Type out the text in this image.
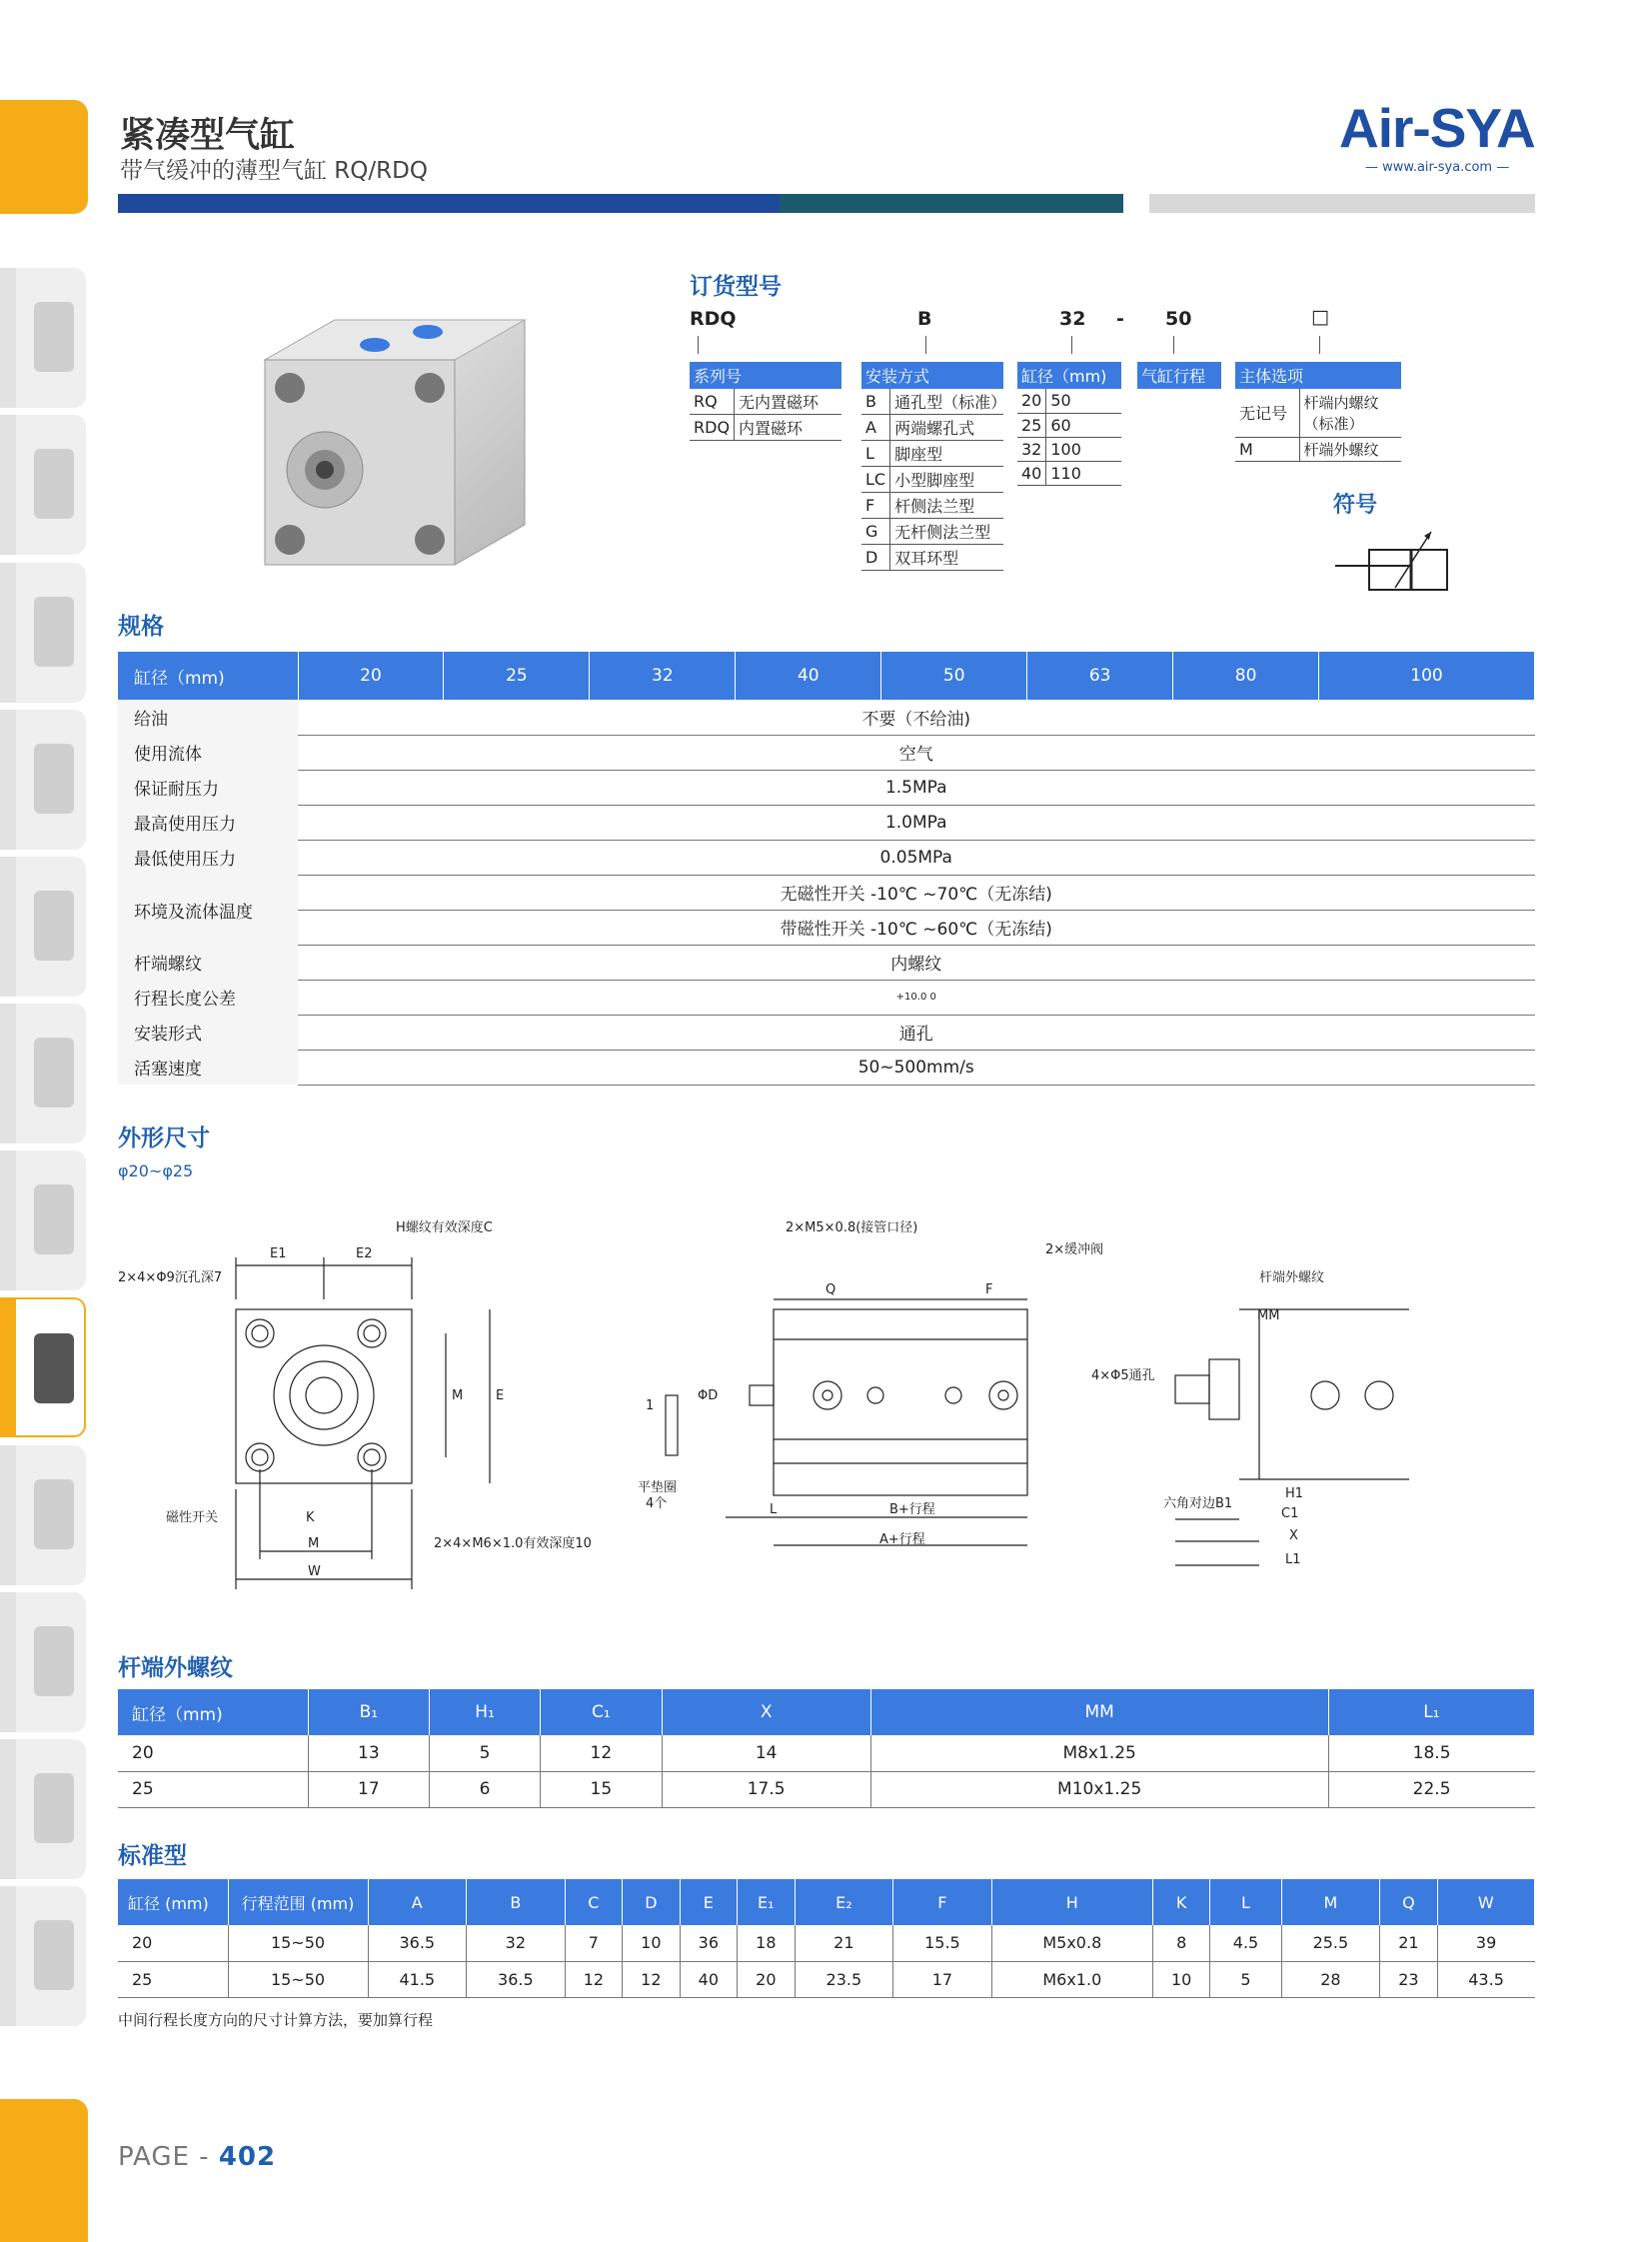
紧凑型气缸
带气缓冲的薄型气缸 RQ/RDQ
Air-SYA
— www.air-sya.com —
订货型号
RDQ	B	32 - 50	□
系列号	
RQ	无内置磁环
RDQ	内置磁环
安装方式	
B	通孔型（标准）
A	两端螺孔式
L	脚座型
LC	小型脚座型
F	杆侧法兰型
G	无杆侧法兰型
D	双耳环型
缸径（mm)	
20	50
25	60
32	100
40	110
气缸行程 主体选项	
无记号	杆端内螺纹（标准）
M	杆端外螺纹
符号
规格
缸径（mm)	20	25	32	40	50	63	80	100
给油	不要（不给油)							
使用流体	空气							
保证耐压力	1.5MPa							
最高使用压力	1.0MPa							
最低使用压力	0.05MPa							
环境及流体温度	无磁性开关 -10℃ ~70℃（无冻结)							
	带磁性开关 -10℃ ~60℃（无冻结)							
杆端螺纹	内螺纹							
行程长度公差	+10.0 0							
安装形式	通孔							
活塞速度	50~500mm/s							
外形尺寸
φ20~φ25
E1	E2
H螺纹有效深度C
2×4×Φ9沉孔深7
磁性开关	K
M
W
2×4×M6×1.0有效深度10
M	E
2×M5×0.8(接管口径)
Q	F
2×缓冲阀
4×Φ5通孔
ΦD
1
平垫圈
4个	L	B+行程
A+行程
杆端外螺纹
MM
六角对边B1
H1
C1
X
L1
杆端外螺纹
缸径（mm)	B₁	H₁	C₁	X	MM	L₁
20	13	5	12	14	M8x1.25	18.5
25	17	6	15	17.5	M10x1.25	22.5
标准型
缸径 (mm)	行程范围 (mm)	A	B	C	D	E	E₁	E₂	F	H	K	L	M	Q	W
20	15~50	36.5	32	7	10	36	18	21	15.5	M5x0.8	8	4.5	25.5	21	39
25	15~50	41.5	36.5	12	12	40	20	23.5	17	M6x1.0	10	5	28	23	43.5
中间行程长度方向的尺寸计算方法，要加算行程
PAGE - 402
